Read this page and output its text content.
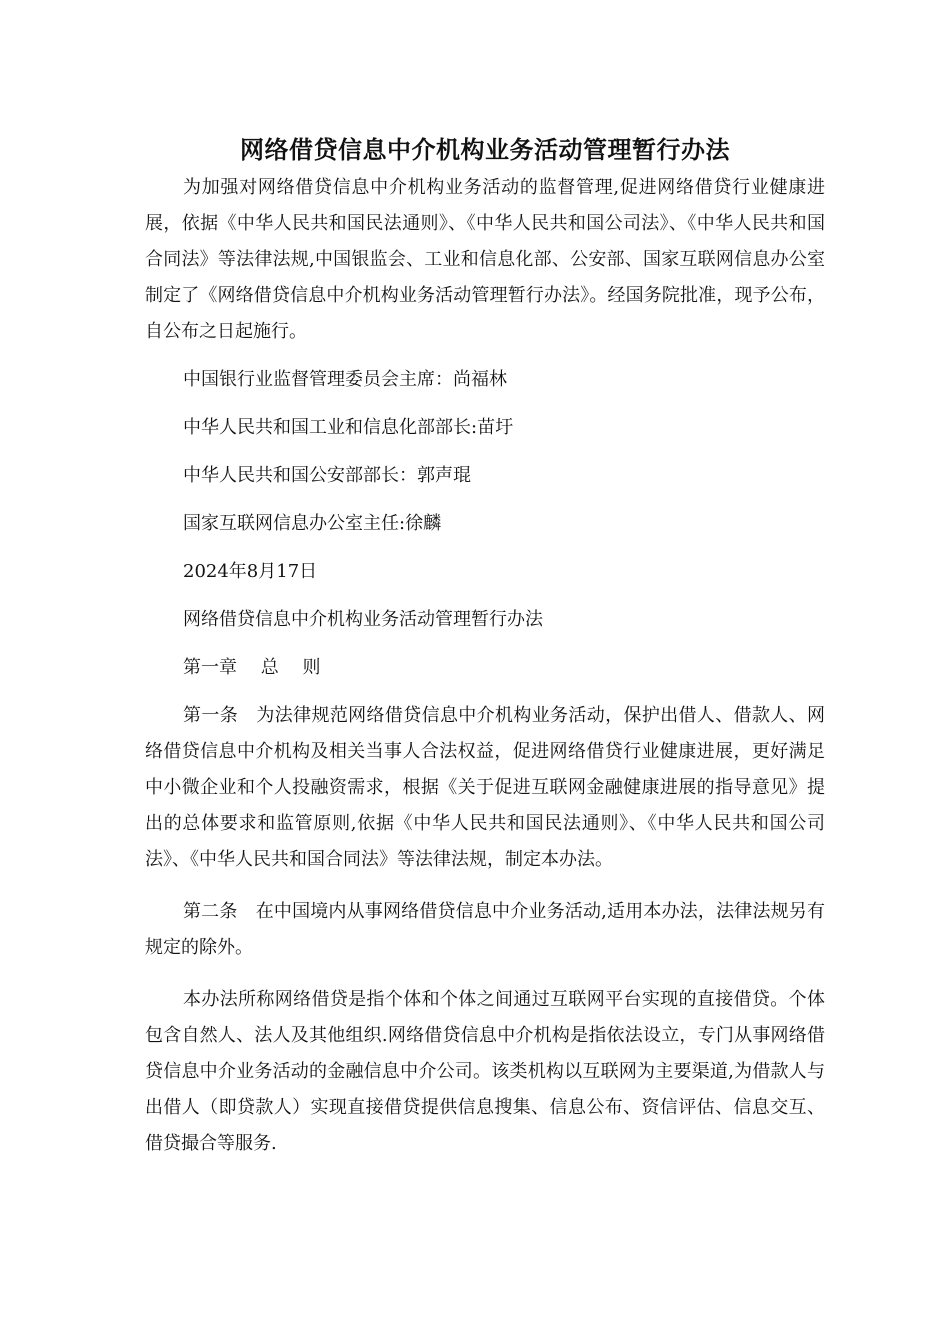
网络借贷信息中介机构业务活动管理暂行办法

为加强对网络借贷信息中介机构业务活动的监督管理,促进网络借贷行业健康进展，依据《中华人民共和国民法通则》、《中华人民共和国公司法》、《中华人民共和国合同法》等法律法规,中国银监会、工业和信息化部、公安部、国家互联网信息办公室制定了《网络借贷信息中介机构业务活动管理暂行办法》。经国务院批准，现予公布，自公布之日起施行。

中国银行业监督管理委员会主席：尚福林

中华人民共和国工业和信息化部部长:苗圩

中华人民共和国公安部部长：郭声琨

国家互联网信息办公室主任:徐麟

2024年8月17日

网络借贷信息中介机构业务活动管理暂行办法

第一章　 总　 则

第一条　为法律规范网络借贷信息中介机构业务活动，保护出借人、借款人、网络借贷信息中介机构及相关当事人合法权益，促进网络借贷行业健康进展，更好满足中小微企业和个人投融资需求，根据《关于促进互联网金融健康进展的指导意见》提出的总体要求和监管原则,依据《中华人民共和国民法通则》、《中华人民共和国公司法》、《中华人民共和国合同法》等法律法规，制定本办法。

第二条　在中国境内从事网络借贷信息中介业务活动,适用本办法，法律法规另有规定的除外。

本办法所称网络借贷是指个体和个体之间通过互联网平台实现的直接借贷。个体包含自然人、法人及其他组织.网络借贷信息中介机构是指依法设立，专门从事网络借贷信息中介业务活动的金融信息中介公司。该类机构以互联网为主要渠道,为借款人与出借人（即贷款人）实现直接借贷提供信息搜集、信息公布、资信评估、信息交互、借贷撮合等服务.
